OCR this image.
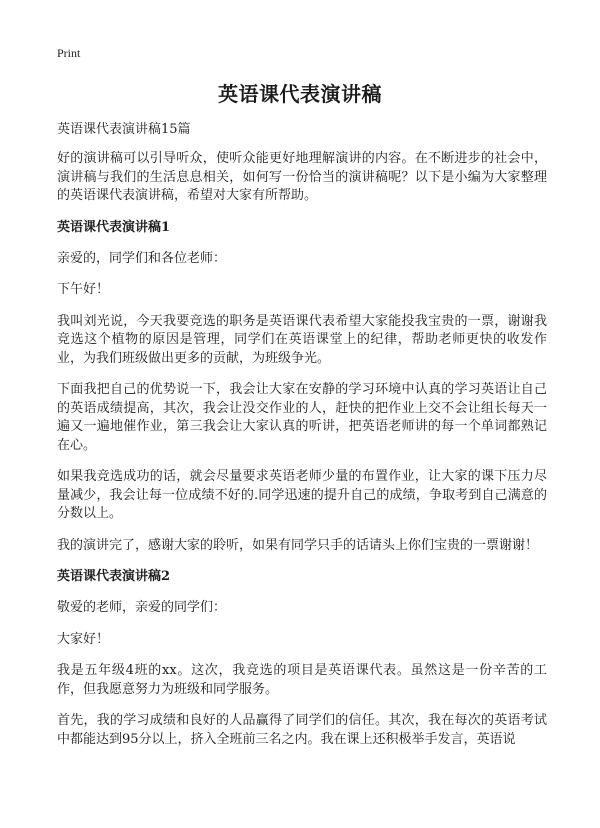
Print
英语课代表演讲稿

英语课代表演讲稿15篇

好的演讲稿可以引导听众，使听众能更好地理解演讲的内容。在不断进步的社会中，演讲稿与我们的生活息息相关，如何写一份恰当的演讲稿呢？以下是小编为大家整理的英语课代表演讲稿，希望对大家有所帮助。

英语课代表演讲稿1

亲爱的，同学们和各位老师：

下午好！

我叫刘光说，今天我要竞选的职务是英语课代表希望大家能投我宝贵的一票，谢谢我竞选这个植物的原因是管理，同学们在英语课堂上的纪律，帮助老师更快的收发作业，为我们班级做出更多的贡献，为班级争光。

下面我把自己的优势说一下，我会让大家在安静的学习环境中认真的学习英语让自己的英语成绩提高，其次，我会让没交作业的人，赶快的把作业上交不会让组长每天一遍又一遍地催作业，第三我会让大家认真的听讲，把英语老师讲的每一个单词都熟记在心。

如果我竞选成功的话，就会尽量要求英语老师少量的布置作业，让大家的课下压力尽量减少，我会让每一位成绩不好的.同学迅速的提升自己的成绩，争取考到自己满意的分数以上。

我的演讲完了，感谢大家的聆听，如果有同学只手的话请头上你们宝贵的一票谢谢！

英语课代表演讲稿2

敬爱的老师，亲爱的同学们：

大家好！

我是五年级4班的xx。这次，我竞选的项目是英语课代表。虽然这是一份辛苦的工作，但我愿意努力为班级和同学服务。

首先，我的学习成绩和良好的人品赢得了同学们的信任。其次，我在每次的英语考试中都能达到95分以上，挤入全班前三名之内。我在课上还积极举手发言，英语说
